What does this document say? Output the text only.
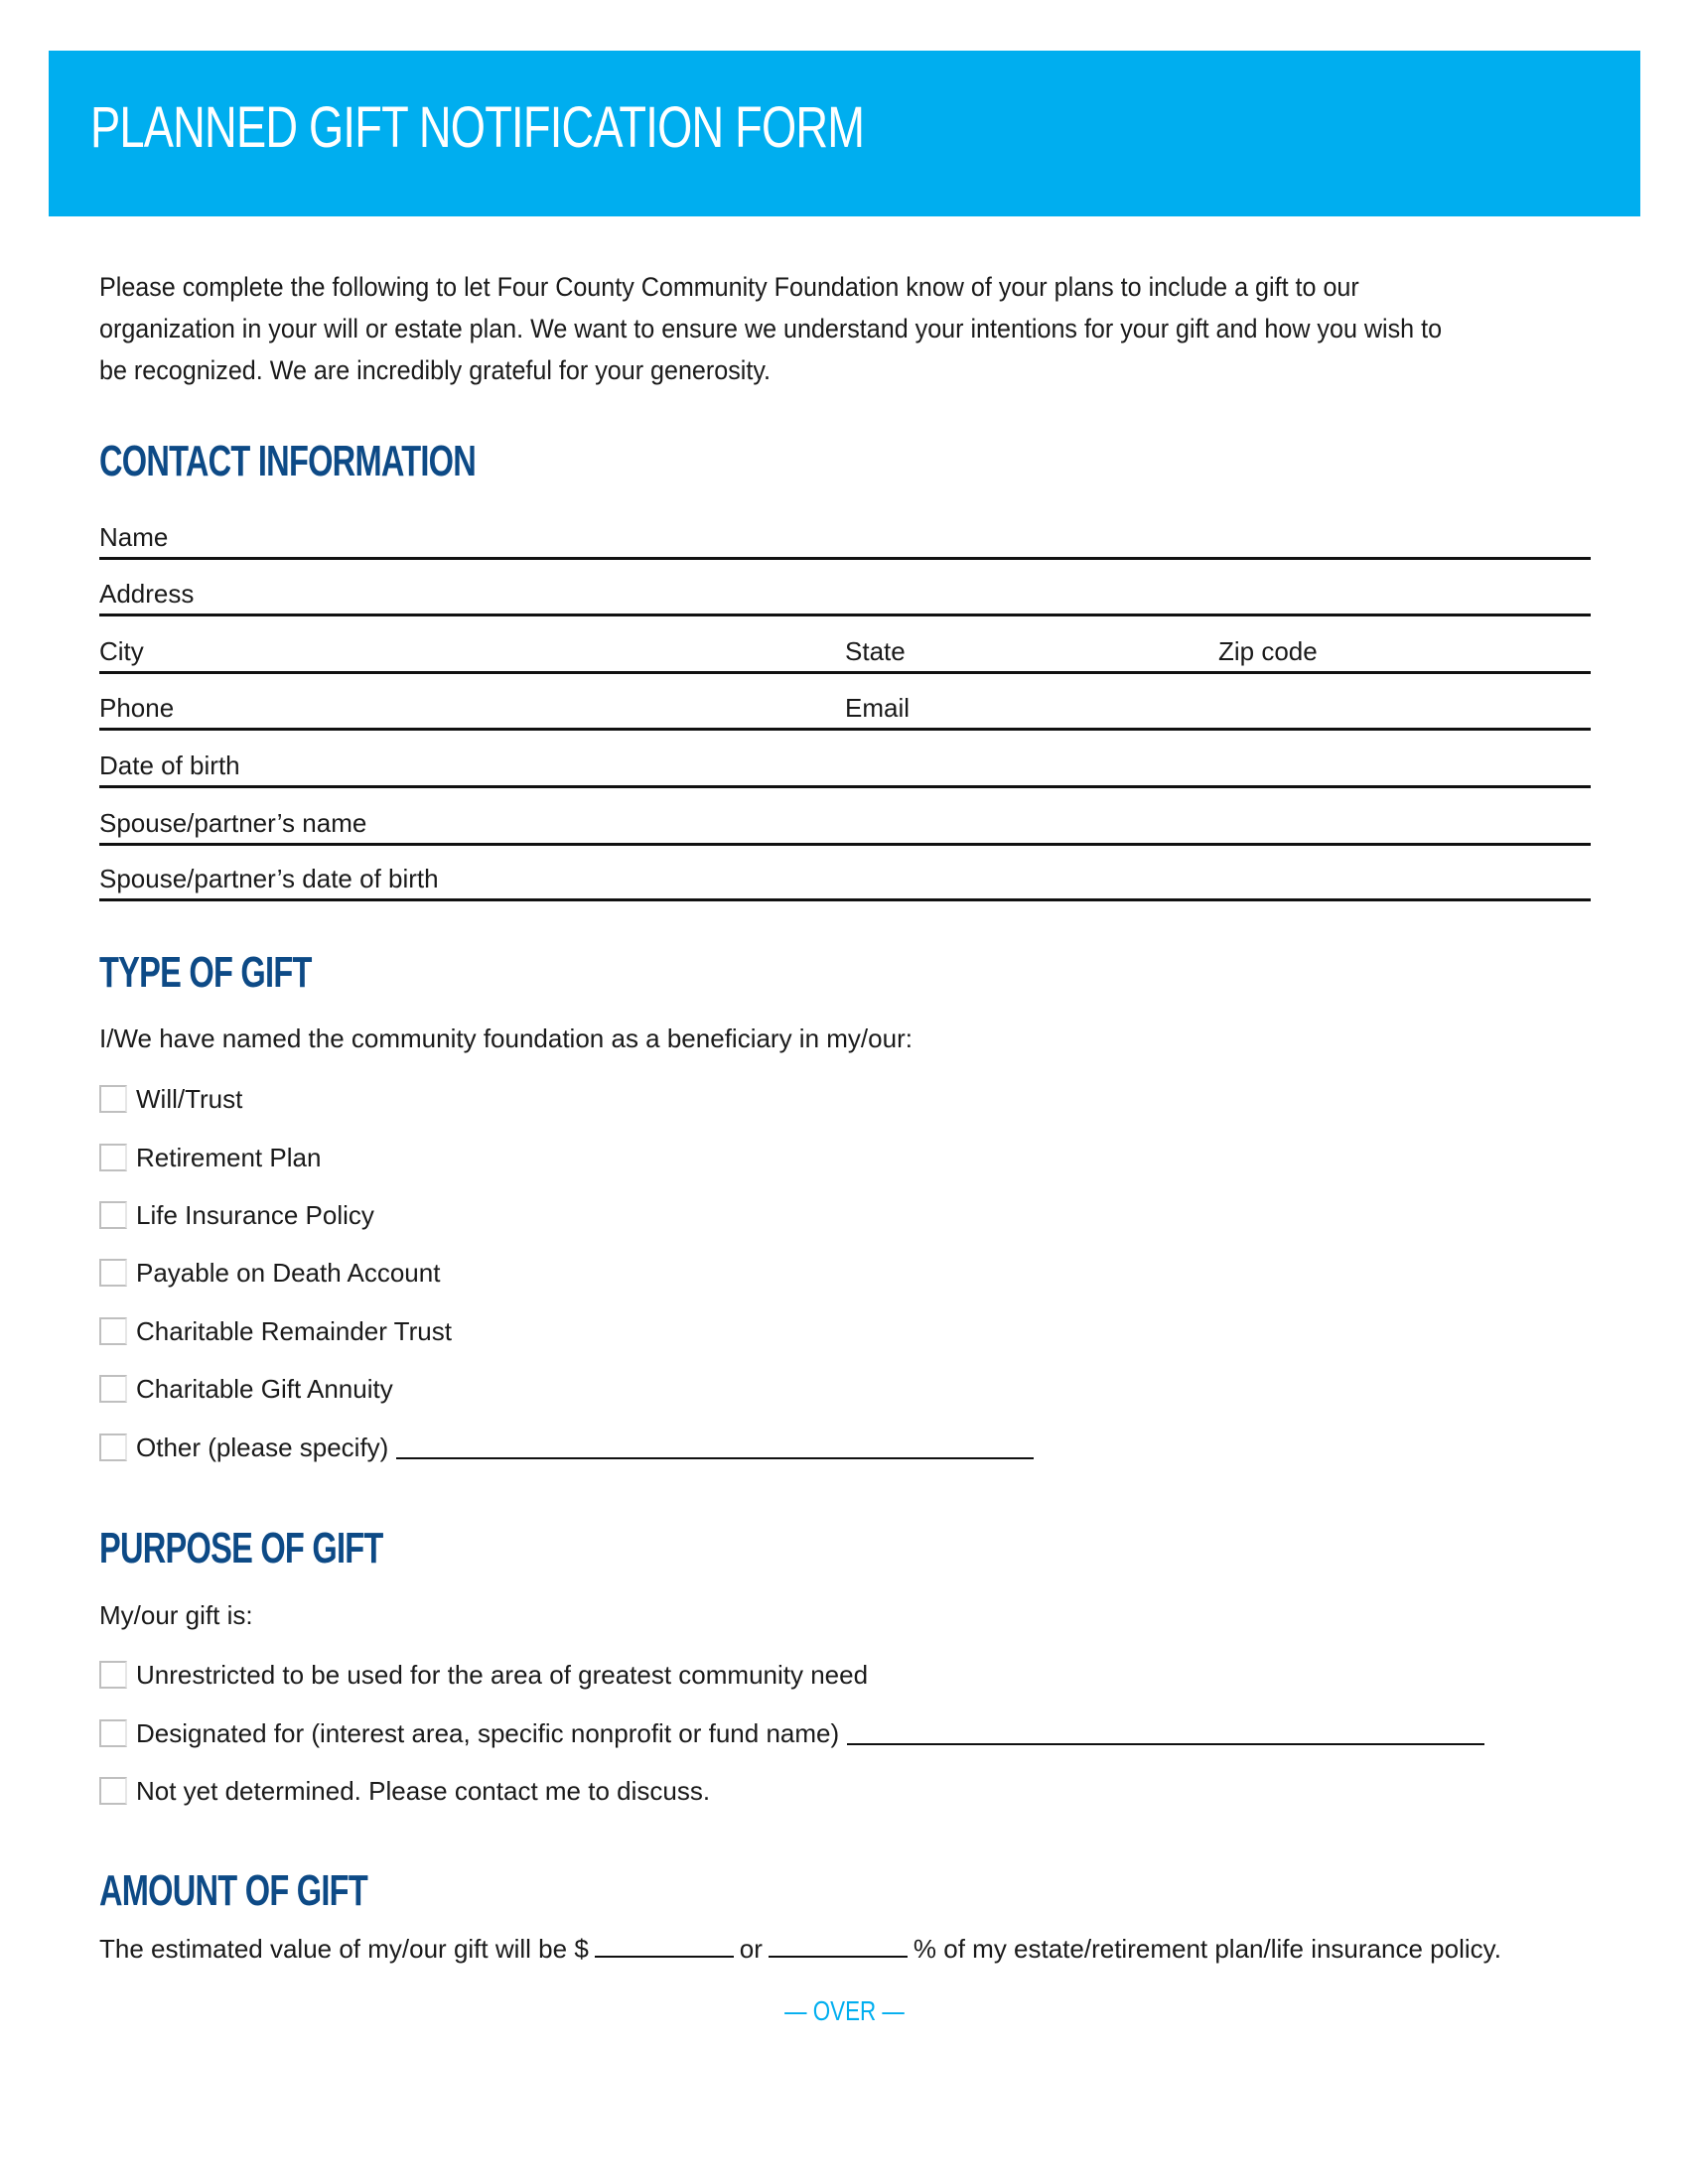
PLANNED GIFT NOTIFICATION FORM
Please complete the following to let Four County Community Foundation know of your plans to include a gift to our
organization in your will or estate plan. We want to ensure we understand your intentions for your gift and how you wish to
be recognized. We are incredibly grateful for your generosity.
CONTACT INFORMATION
Name
Address
City	State	Zip code
Phone	Email
Date of birth
Spouse/partner’s name
Spouse/partner’s date of birth
TYPE OF GIFT
I/We have named the community foundation as a beneficiary in my/our:
Will/Trust
Retirement Plan
Life Insurance Policy
Payable on Death Account
Charitable Remainder Trust
Charitable Gift Annuity
Other (please specify)
PURPOSE OF GIFT
My/our gift is:
Unrestricted to be used for the area of greatest community need
Designated for (interest area, specific nonprofit or fund name)
Not yet determined. Please contact me to discuss.
AMOUNT OF GIFT
The estimated value of my/our gift will be $	or	% of my estate/retirement plan/life insurance policy.
— OVER —
